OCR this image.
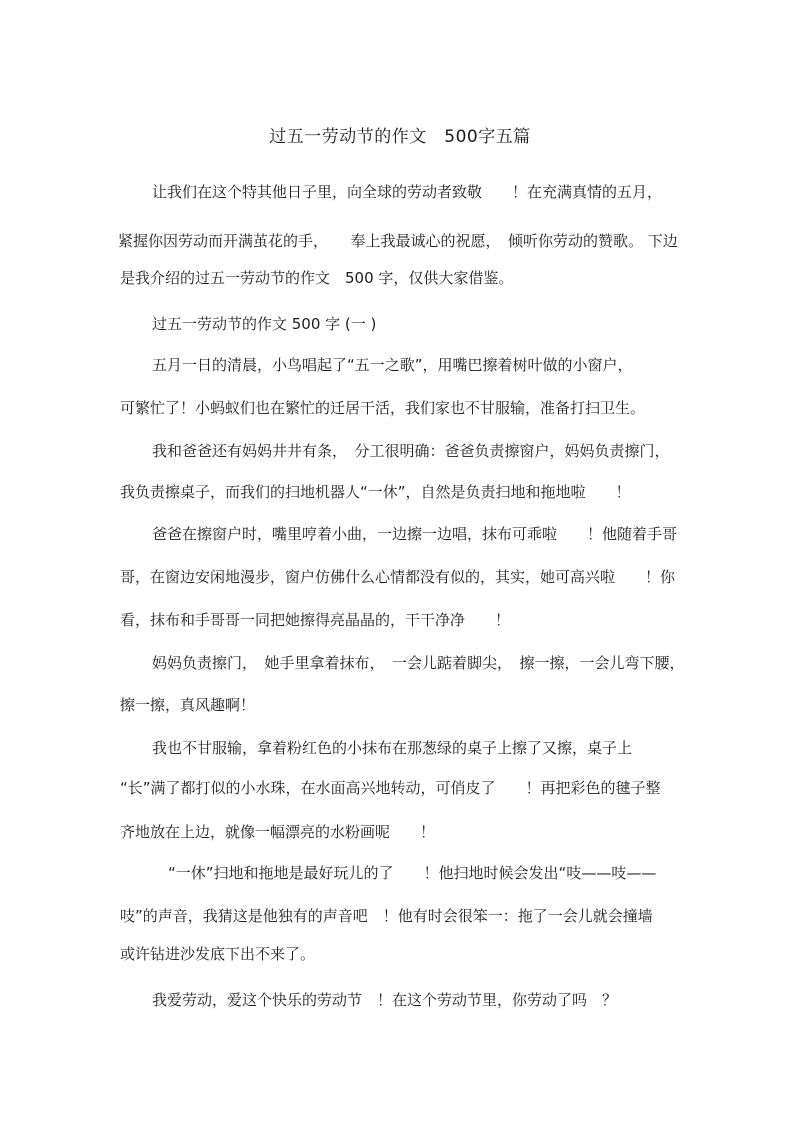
过五一劳动节的作文　500字五篇
让我们在这个特其他日子里，向全球的劳动者致敬　　！在充满真情的五月，
紧握你因劳动而开满茧花的手，　　奉上我最诚心的祝愿，　倾听你劳动的赞歌。 下边
是我介绍的过五一劳动节的作文　500 字，仅供大家借鉴。
过五一劳动节的作文 500 字 (一 )
五月一日的清晨，小鸟唱起了“五一之歌”，用嘴巴擦着树叶做的小窗户，
可繁忙了！小蚂蚁们也在繁忙的迁居干活，我们家也不甘服输，准备打扫卫生。
我和爸爸还有妈妈井井有条，　分工很明确：爸爸负责擦窗户，妈妈负责擦门，
我负责擦桌子，而我们的扫地机器人“一休”，自然是负责扫地和拖地啦　　！
爸爸在擦窗户时，嘴里哼着小曲，一边擦一边唱，抹布可乖啦　　！他随着手哥
哥，在窗边安闲地漫步，窗户仿佛什么心情都没有似的，其实，她可高兴啦　　！你
看，抹布和手哥哥一同把她擦得亮晶晶的，干干净净　　！
妈妈负责擦门，　她手里拿着抹布，　一会儿踮着脚尖，　擦一擦，一会儿弯下腰，
擦一擦，真风趣啊！
我也不甘服输，拿着粉红色的小抹布在那葱绿的桌子上擦了又擦，桌子上
“长”满了都打似的小水珠，在水面高兴地转动，可俏皮了　　！再把彩色的毽子整
齐地放在上边，就像一幅漂亮的水粉画呢　　！
“一休”扫地和拖地是最好玩儿的了　　！他扫地时候会发出“吱——吱——
吱”的声音，我猜这是他独有的声音吧　！他有时会很笨一：拖了一会儿就会撞墙
或许钻进沙发底下出不来了。
我爱劳动，爱这个快乐的劳动节　！在这个劳动节里，你劳动了吗　？
